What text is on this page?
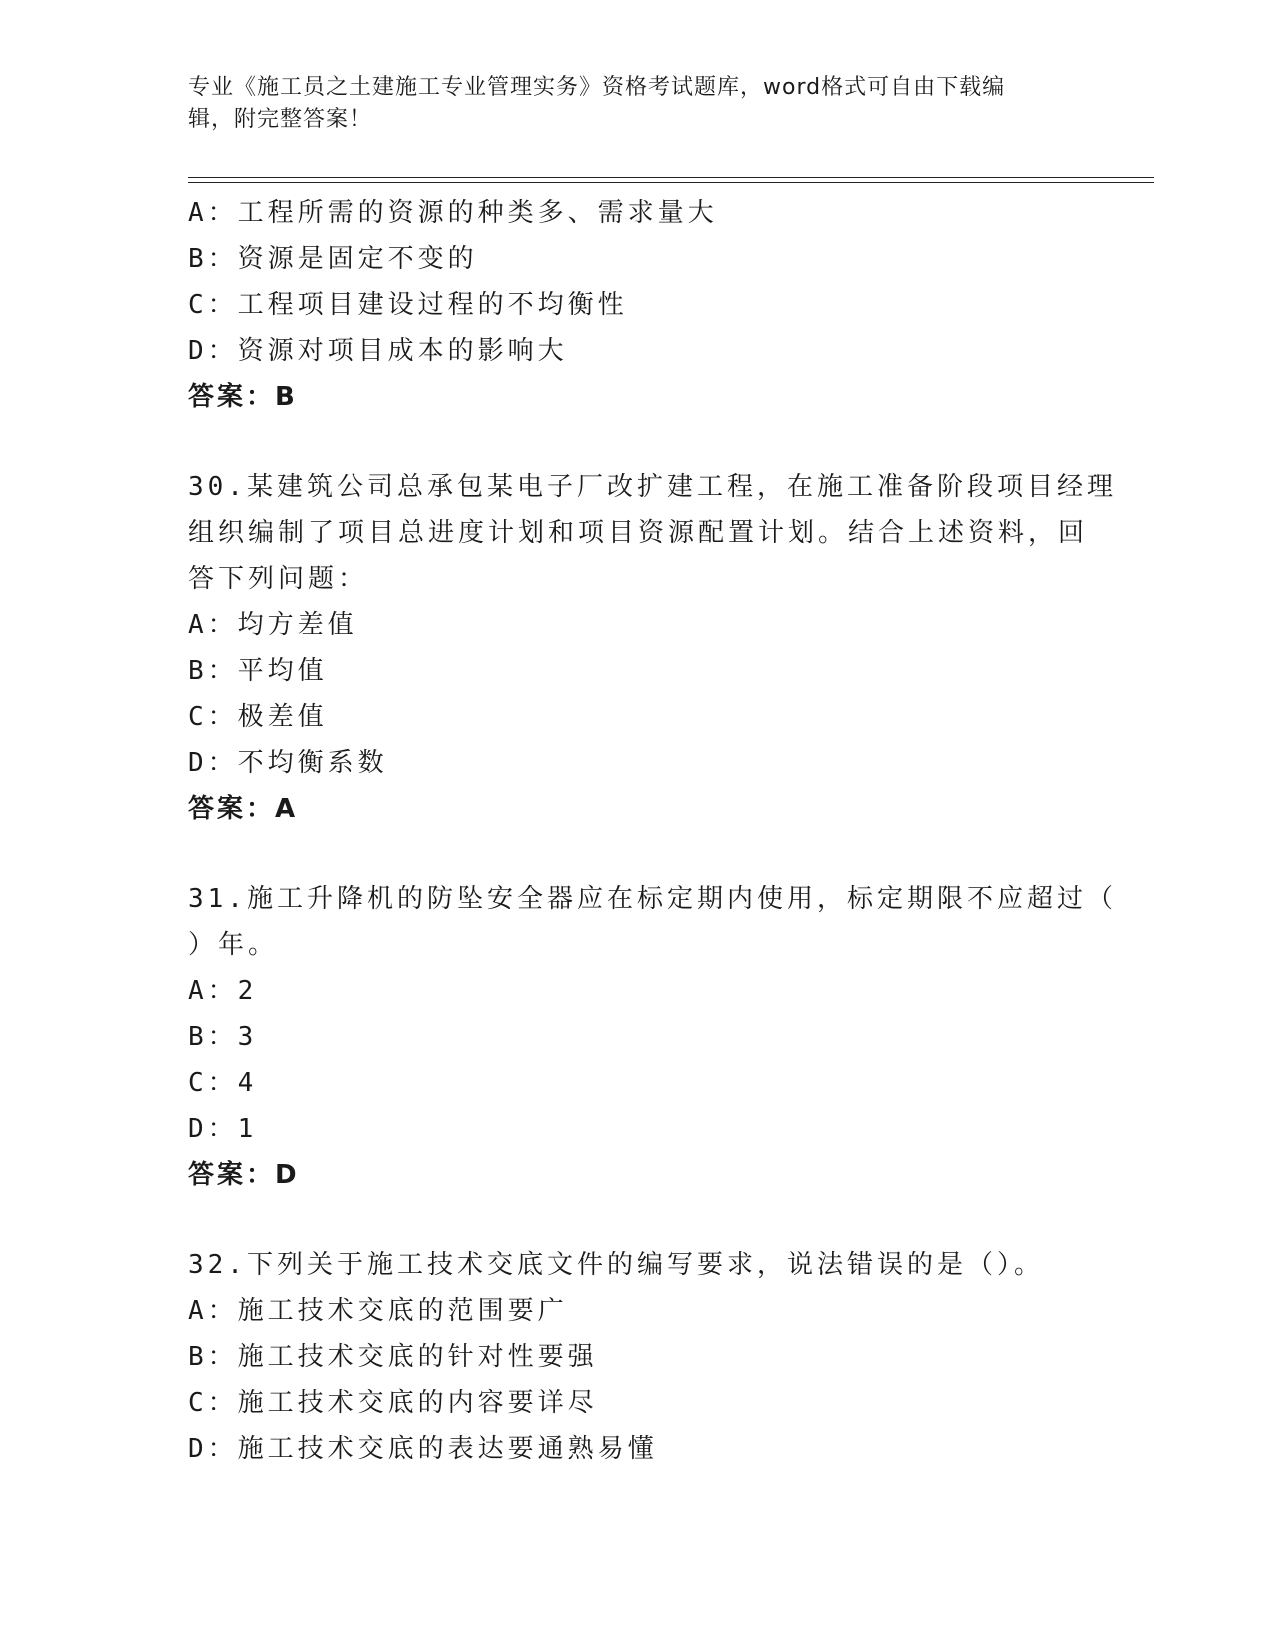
专业《施工员之土建施工专业管理实务》资格考试题库，word格式可自由下载编
辑，附完整答案！
A：工程所需的资源的种类多、需求量大
B：资源是固定不变的
C：工程项目建设过程的不均衡性
D：资源对项目成本的影响大
答案：B
30.某建筑公司总承包某电子厂改扩建工程，在施工准备阶段项目经理
组织编制了项目总进度计划和项目资源配置计划。结合上述资料，回
答下列问题：
A：均方差值
B：平均值
C：极差值
D：不均衡系数
答案：A
31.施工升降机的防坠安全器应在标定期内使用，标定期限不应超过（
）年。
A：2
B：3
C：4
D：1
答案：D
32.下列关于施工技术交底文件的编写要求，说法错误的是（）。
A：施工技术交底的范围要广
B：施工技术交底的针对性要强
C：施工技术交底的内容要详尽
D：施工技术交底的表达要通熟易懂
